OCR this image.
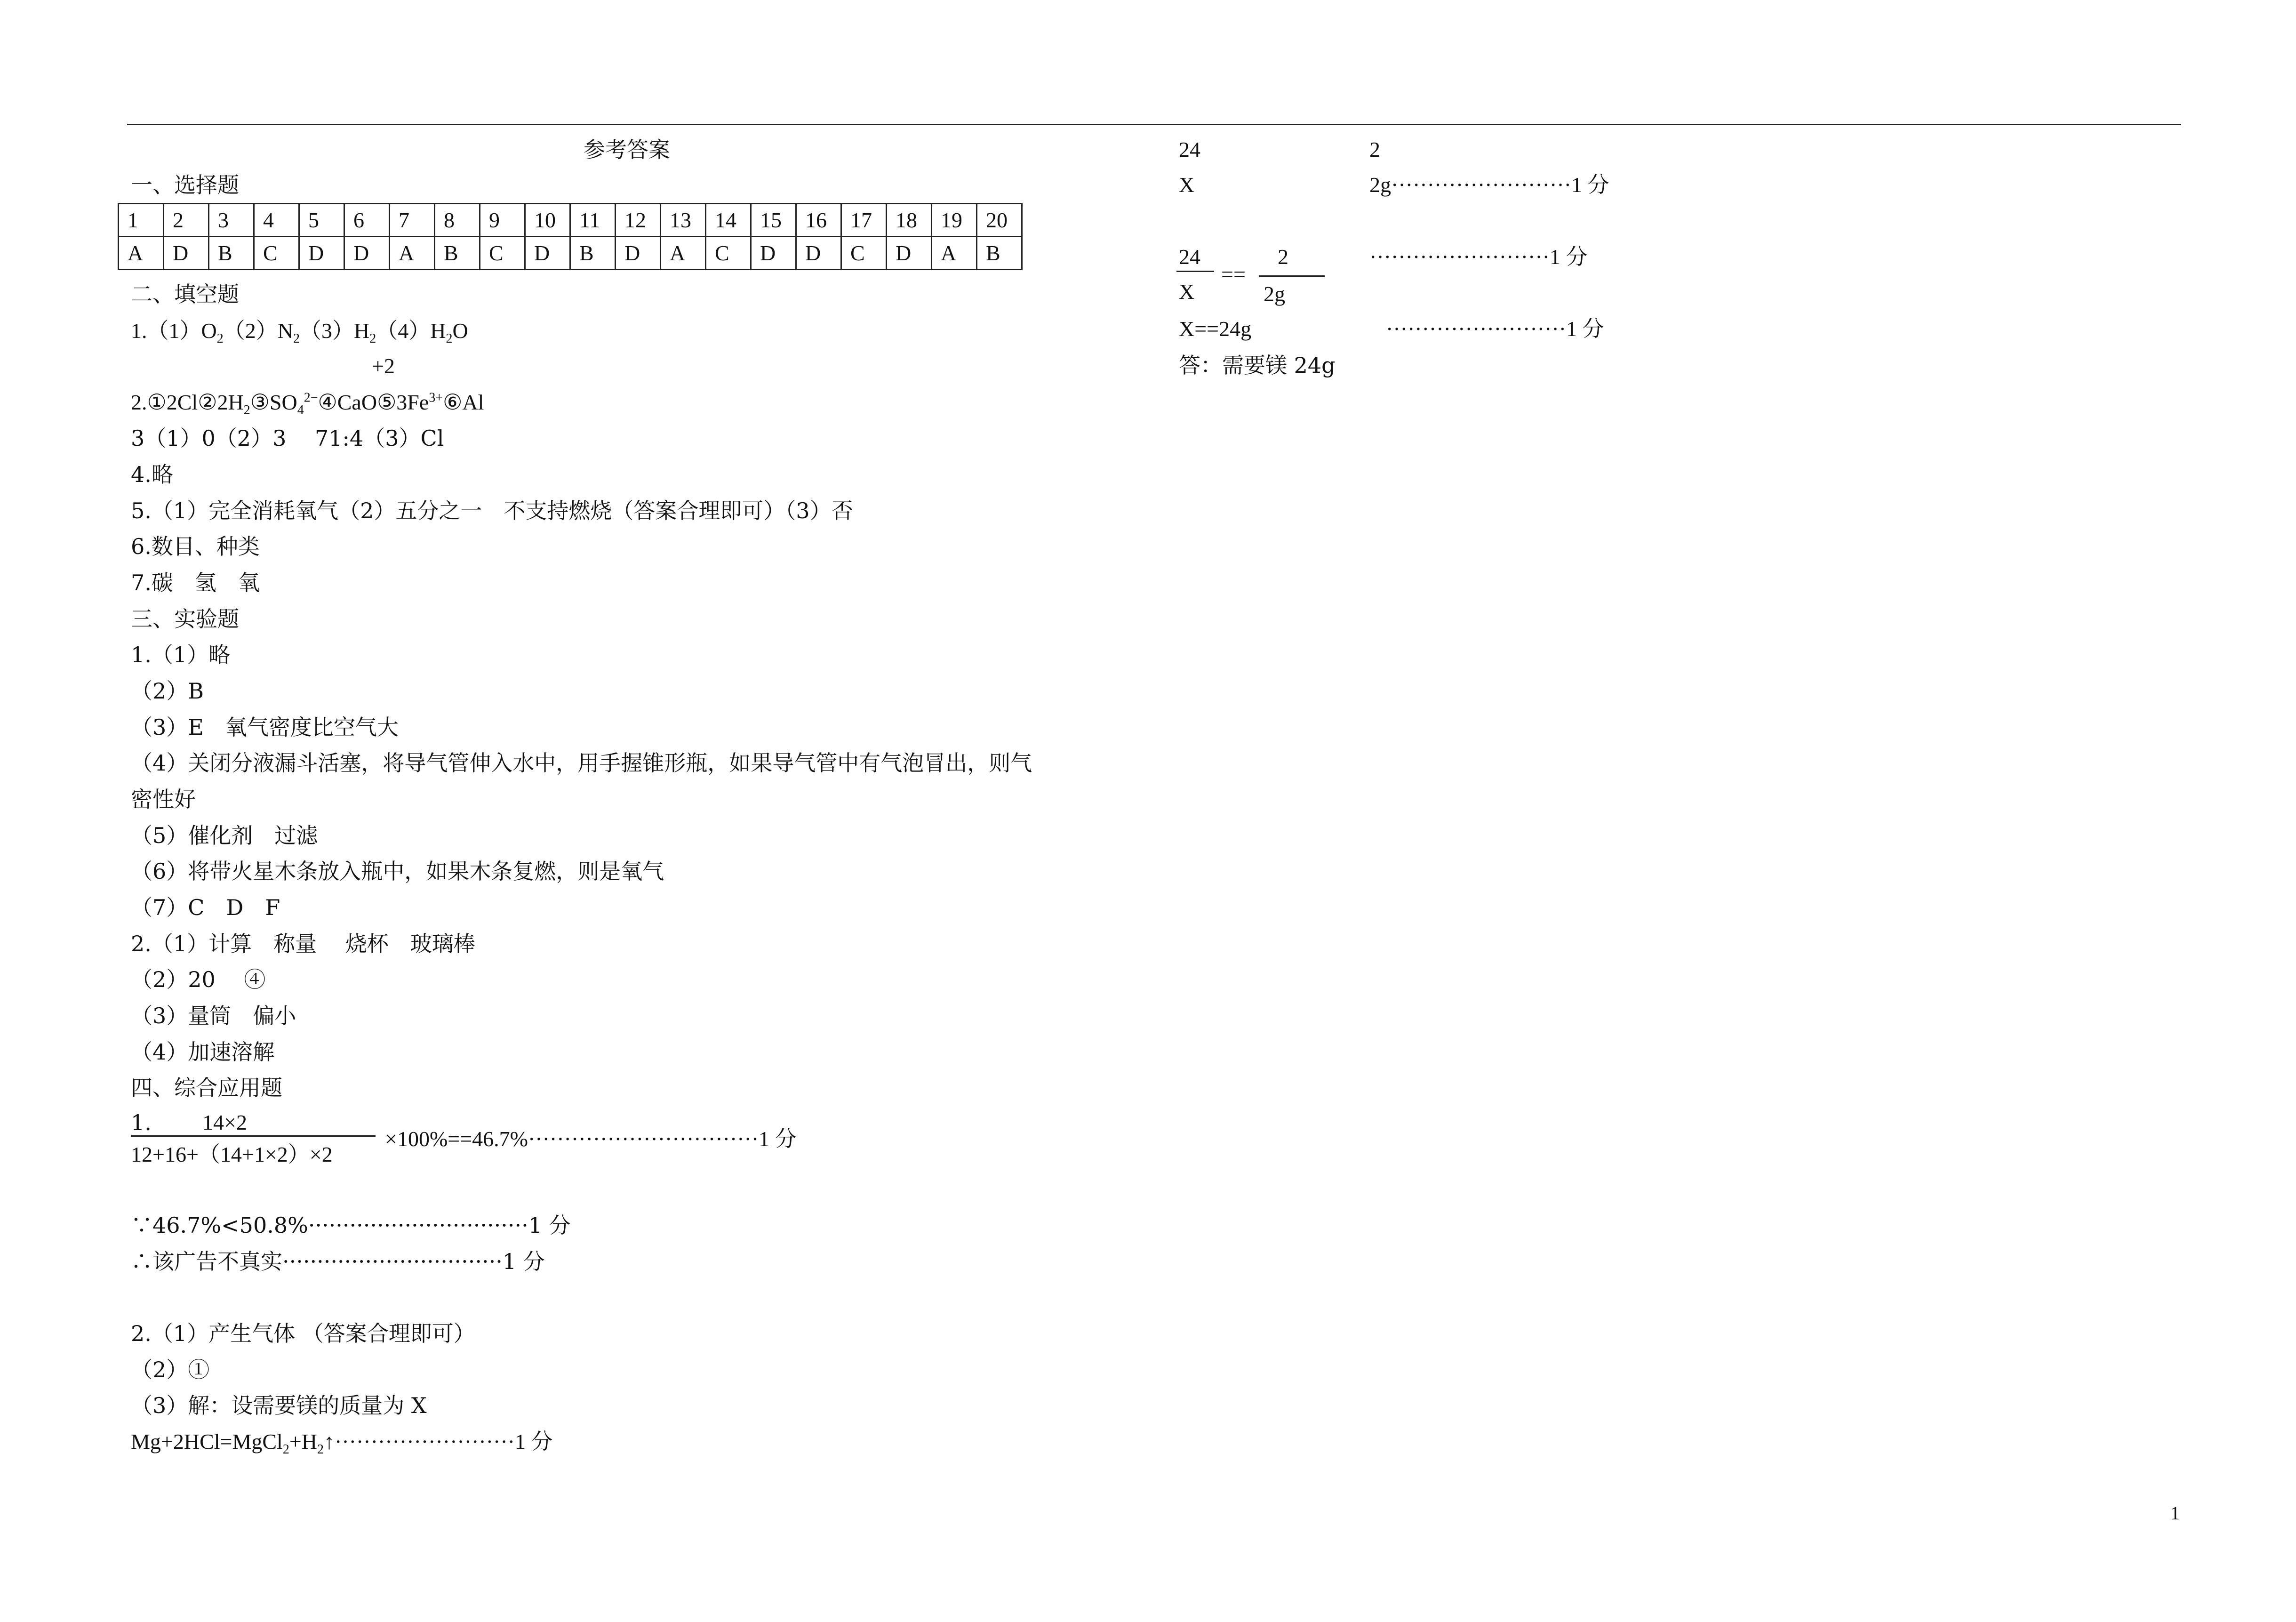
参考答案
一、选择题
1	2	3	4	5	6	7	8	9	10	11	12	13	14	15	16	17	18	19	20
A	D	B	C	D	D	A	B	C	D	B	D	A	C	D	D	C	D	A	B
二、填空题
$1.(1)O_2(2)N_2(3)H_2(4)H_2O$
+2
$2.①2Cl②2H_2③SO_4^{2-}④CaO⑤3Fe^{3+}⑥Al$
3（1）0（2）3　 71:4（3）Cl
4.略
5.（1）完全消耗氧气（2）五分之一　不支持燃烧（答案合理即可）（3）否
6.数目、种类
7.碳　氢　氧
三、实验题
1.（1）略
（2）B
（3）E　氧气密度比空气大
（4）关闭分液漏斗活塞，将导气管伸入水中，用手握锥形瓶，如果导气管中有气泡冒出，则气
密性好
（5）催化剂　过滤
（6）将带火星木条放入瓶中，如果木条复燃，则是氧气
（7）C　D　F
2.（1）计算　称量　 烧杯　玻璃棒
（2）20　 ④
（3）量筒　偏小
（4）加速溶解
四、综合应用题
1. 14×2
12+16+（14+1×2）×2
×100%==46.7%································1 分
∵46.7%<50.8%································1 分
∴该广告不真实································1 分
2.（1）产生气体 （答案合理即可）
（2）①
（3）解：设需要镁的质量为 X
$Mg+2HCl=MgCl_2+H_2↑\cdot\cdot\cdot\cdot\cdot\cdot\cdot\cdot\cdot\cdot\cdot\cdot\cdot\cdot\cdot\cdot\cdot\cdot\cdot\cdot\cdot\cdot\cdot\cdot\cdot 1$ 分
24	2
X	2g·························1 分
24
X
==
2
2g
·························1 分
X==24g	·························1 分
答：需要镁 24g
1
